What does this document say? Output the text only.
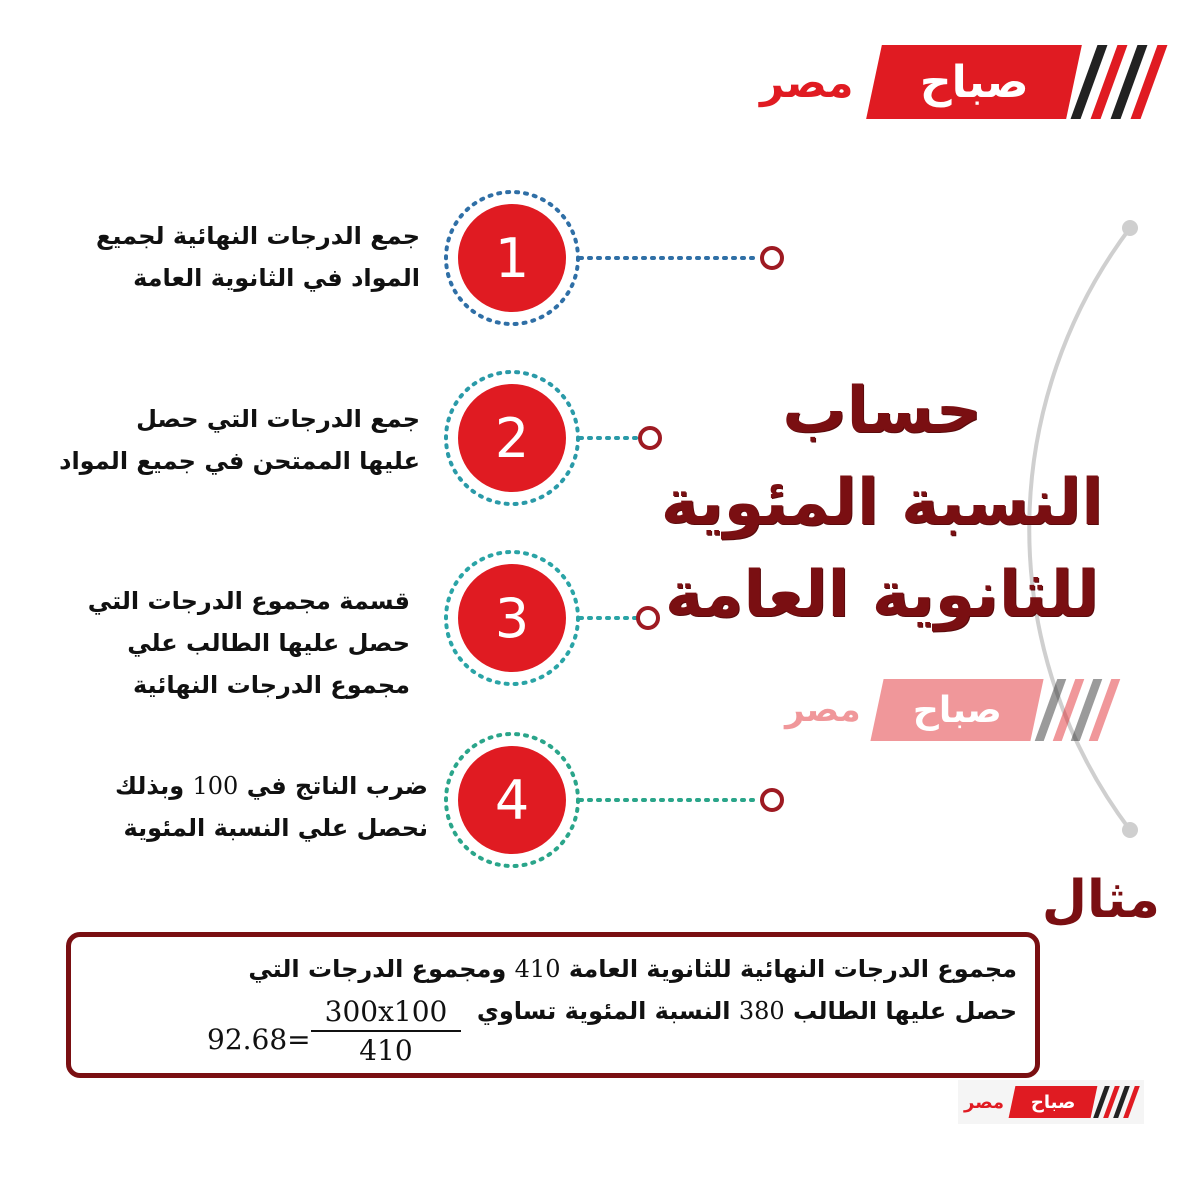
مصر صباح
حساب
النسبة المئوية
للثانوية العامة
مصر صباح
1
2
3
4
جمع الدرجات النهائية لجميع
المواد في الثانوية العامة
جمع الدرجات التي حصل
عليها الممتحن في جميع المواد
قسمة مجموع الدرجات التي
حصل عليها الطالب علي
مجموع الدرجات النهائية
ضرب الناتج في 100 وبذلك
نحصل علي النسبة المئوية
مثال
مجموع الدرجات النهائية للثانوية العامة 410 ومجموع الدرجات التي
حصل عليها الطالب 380 النسبة المئوية تساوي
$\frac{300x100}{410}$
92.68=
مصر صباح
